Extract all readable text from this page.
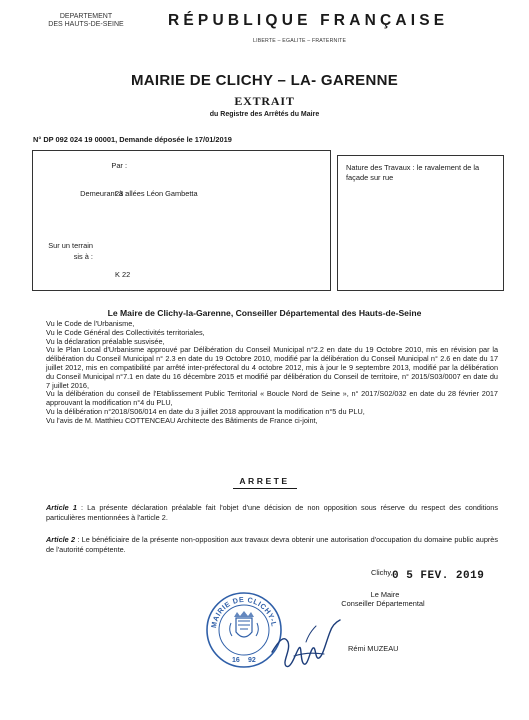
DEPARTEMENT
DES HAUTS-DE-SEINE	RÉPUBLIQUE FRANÇAISE
LIBERTE – EGALITE – FRATERNITE
MAIRIE DE CLICHY – LA- GARENNE
EXTRAIT
du Registre des Arrêtés du Maire
N° DP 092 024 19 00001, Demande déposée le 17/01/2019
Par :
Demeurant à :
23 allées Léon Gambetta
Sur un terrain
sis à :
K 22
Nature des Travaux : le ravalement de la façade sur rue
Le Maire de Clichy-la-Garenne, Conseiller Départemental des Hauts-de-Seine

Vu le Code de l'Urbanisme,

Vu le Code Général des Collectivités territoriales,

Vu la déclaration préalable susvisée,

Vu le Plan Local d'Urbanisme approuvé par Délibération du Conseil Municipal n°2.2 en date du 19 Octobre 2010, mis en révision par la délibération du Conseil Municipal n° 2.3 en date du 19 Octobre 2010, modifié par la délibération du Conseil Municipal n° 2.6 en date du 17 juillet 2012, mis en compatibilité par arrêté inter-préfectoral du 4 octobre 2012, mis à jour le 9 septembre 2013, modifié par la délibération du Conseil Municipal n°7.1 en date du 16 décembre 2015 et modifié par délibération du Conseil de territoire, n° 2015/S03/0007 en date du 7 juillet 2016,

Vu la délibération du conseil de l'Etablissement Public Territorial « Boucle Nord de Seine », n° 2017/S02/032 en date du 28 février 2017 approuvant la modification n°4 du PLU,

Vu la délibération n°2018/S06/014 en date du 3 juillet 2018 approuvant la modification n°5 du PLU,

Vu l'avis de M. Matthieu COTTENCEAU Architecte des Bâtiments de France ci-joint,

ARRETE

Article 1 : La présente déclaration préalable fait l'objet d'une décision de non opposition sous réserve du respect des conditions particulières mentionnées à l'article 2.

Article 2 : Le bénéficiaire de la présente non-opposition aux travaux devra obtenir une autorisation d'occupation du domaine public auprès de l'autorité compétente.

Clichy, 0 5 FEV. 2019
Le Maire
Conseiller Départemental
Rémi MUZEAU
MAIRIE DE CLICHY-L
16 92
